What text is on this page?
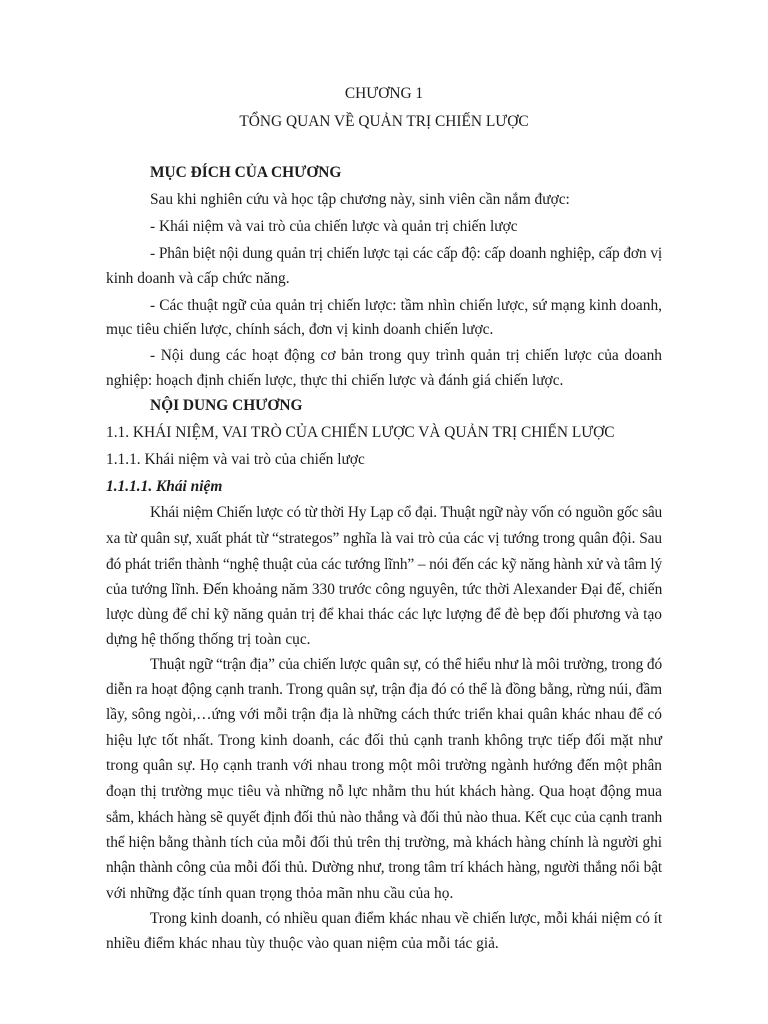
CHƯƠNG 1
TỔNG QUAN VỀ QUẢN TRỊ CHIẾN LƯỢC
MỤC ĐÍCH CỦA CHƯƠNG
Sau khi nghiên cứu và học tập chương này, sinh viên cần nắm được:
- Khái niệm và vai trò của chiến lược và quản trị chiến lược
- Phân biệt nội dung quản trị chiến lược tại các cấp độ: cấp doanh nghiệp, cấp đơn vị
kinh doanh và cấp chức năng.
- Các thuật ngữ của quản trị chiến lược: tầm nhìn chiến lược, sứ mạng kinh doanh,
mục tiêu chiến lược, chính sách, đơn vị kinh doanh chiến lược.
- Nội dung các hoạt động cơ bản trong quy trình quản trị chiến lược của doanh
nghiệp: hoạch định chiến lược, thực thi chiến lược và đánh giá chiến lược.
NỘI DUNG CHƯƠNG
1.1. KHÁI NIỆM, VAI TRÒ CỦA CHIẾN LƯỢC VÀ QUẢN TRỊ CHIẾN LƯỢC
1.1.1. Khái niệm và vai trò của chiến lược
1.1.1.1. Khái niệm
Khái niệm Chiến lược có từ thời Hy Lạp cổ đại. Thuật ngữ này vốn có nguồn gốc sâu
xa từ quân sự, xuất phát từ “strategos” nghĩa là vai trò của các vị tướng trong quân đội. Sau
đó phát triển thành “nghệ thuật của các tướng lĩnh” – nói đến các kỹ năng hành xử và tâm lý
của tướng lĩnh. Đến khoảng năm 330 trước công nguyên, tức thời Alexander Đại đế, chiến
lược dùng để chỉ kỹ năng quản trị để khai thác các lực lượng để đè bẹp đối phương và tạo
dựng hệ thống thống trị toàn cục.
Thuật ngữ “trận địa” của chiến lược quân sự, có thể hiểu như là môi trường, trong đó
diễn ra hoạt động cạnh tranh. Trong quân sự, trận địa đó có thể là đồng bằng, rừng núi, đầm
lầy, sông ngòi,…ứng với mỗi trận địa là những cách thức triển khai quân khác nhau để có
hiệu lực tốt nhất. Trong kinh doanh, các đối thủ cạnh tranh không trực tiếp đối mặt như
trong quân sự. Họ cạnh tranh với nhau trong một môi trường ngành hướng đến một phân
đoạn thị trường mục tiêu và những nỗ lực nhằm thu hút khách hàng. Qua hoạt động mua
sắm, khách hàng sẽ quyết định đối thủ nào thắng và đối thủ nào thua. Kết cục của cạnh tranh
thể hiện bằng thành tích của mỗi đối thủ trên thị trường, mà khách hàng chính là người ghi
nhận thành công của mỗi đối thủ. Dường như, trong tâm trí khách hàng, người thắng nổi bật
với những đặc tính quan trọng thỏa mãn nhu cầu của họ.
Trong kinh doanh, có nhiều quan điểm khác nhau về chiến lược, mỗi khái niệm có ít
nhiều điểm khác nhau tùy thuộc vào quan niệm của mỗi tác giả.
